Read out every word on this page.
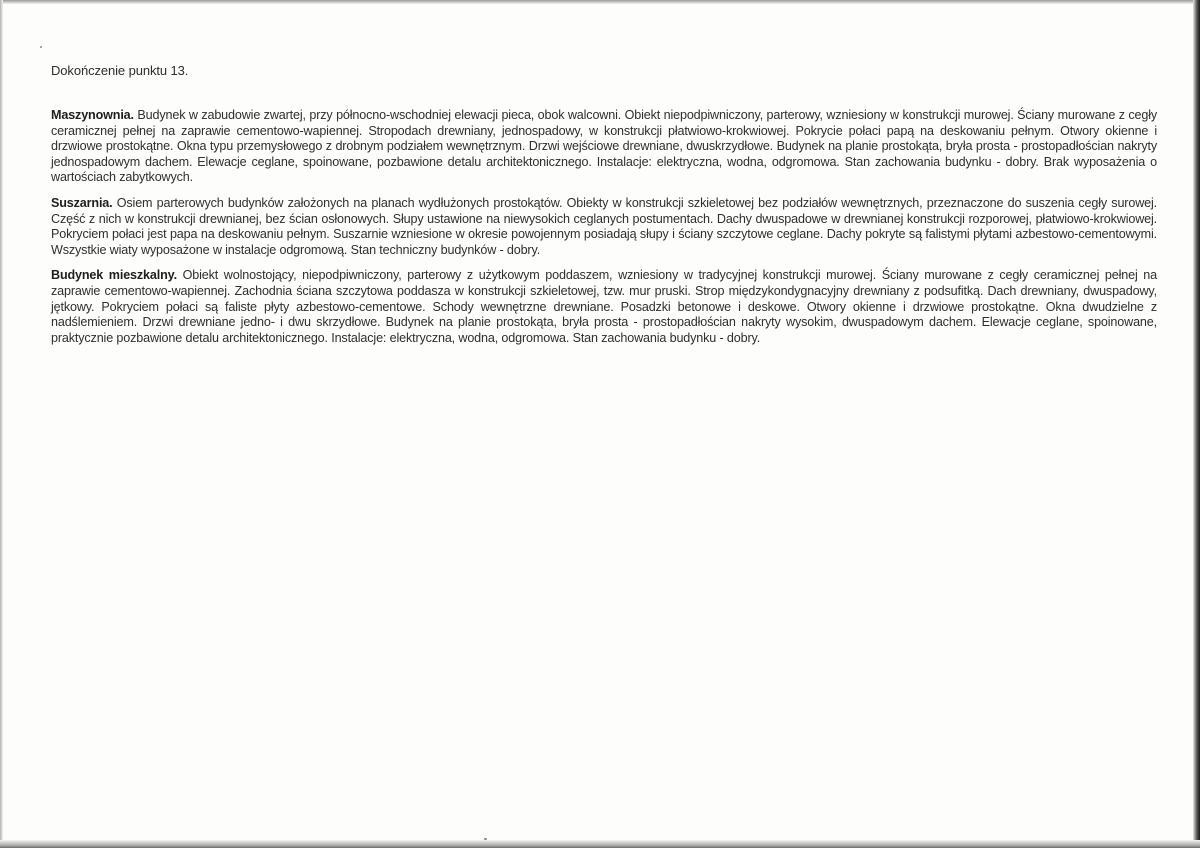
Dokończenie punktu 13.

Maszynownia. Budynek w zabudowie zwartej, przy północno-wschodniej elewacji pieca, obok walcowni. Obiekt niepodpiwniczony, parterowy, wzniesiony w konstrukcji murowej. Ściany murowane z cegły ceramicznej pełnej na zaprawie cementowo-wapiennej. Stropodach drewniany, jednospadowy, w konstrukcji płatwiowo-krokwiowej. Pokrycie połaci papą na deskowaniu pełnym. Otwory okienne i drzwiowe prostokątne. Okna typu przemysłowego z drobnym podziałem wewnętrznym. Drzwi wejściowe drewniane, dwuskrzydłowe. Budynek na planie prostokąta, bryła prosta - prostopadłościan nakryty jednospadowym dachem. Elewacje ceglane, spoinowane, pozbawione detalu architektonicznego. Instalacje: elektryczna, wodna, odgromowa. Stan zachowania budynku - dobry. Brak wyposażenia o wartościach zabytkowych.

Suszarnia. Osiem parterowych budynków założonych na planach wydłużonych prostokątów. Obiekty w konstrukcji szkieletowej bez podziałów wewnętrznych, przeznaczone do suszenia cegły surowej. Część z nich w konstrukcji drewnianej, bez ścian osłonowych. Słupy ustawione na niewysokich ceglanych postumentach. Dachy dwuspadowe w drewnianej konstrukcji rozporowej, płatwiowo-krokwiowej. Pokryciem połaci jest papa na deskowaniu pełnym. Suszarnie wzniesione w okresie powojennym posiadają słupy i ściany szczytowe ceglane. Dachy pokryte są falistymi płytami azbestowo-cementowymi. Wszystkie wiaty wyposażone w instalacje odgromową. Stan techniczny budynków - dobry.

Budynek mieszkalny. Obiekt wolnostojący, niepodpiwniczony, parterowy z użytkowym poddaszem, wzniesiony w tradycyjnej konstrukcji murowej. Ściany murowane z cegły ceramicznej pełnej na zaprawie cementowo-wapiennej. Zachodnia ściana szczytowa poddasza w konstrukcji szkieletowej, tzw. mur pruski. Strop międzykondygnacyjny drewniany z podsufitką. Dach drewniany, dwuspadowy, jętkowy. Pokryciem połaci są faliste płyty azbestowo-cementowe. Schody wewnętrzne drewniane. Posadzki betonowe i deskowe. Otwory okienne i drzwiowe prostokątne. Okna dwudzielne z nadślemieniem. Drzwi drewniane jedno- i dwu skrzydłowe. Budynek na planie prostokąta, bryła prosta - prostopadłościan nakryty wysokim, dwuspadowym dachem. Elewacje ceglane, spoinowane, praktycznie pozbawione detalu architektonicznego. Instalacje: elektryczna, wodna, odgromowa. Stan zachowania budynku - dobry.
